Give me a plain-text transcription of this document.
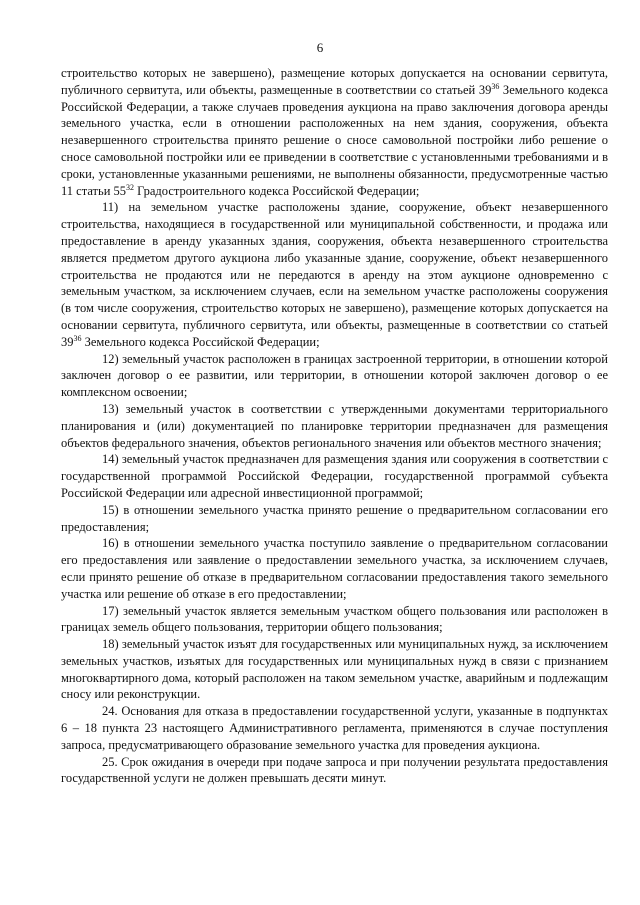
6

строительство которых не завершено), размещение которых допускается на основании сервитута, публичного сервитута, или объекты, размещенные в соответствии со статьей $39^{36}$ Земельного кодекса Российской Федерации, а также случаев проведения аукциона на право заключения договора аренды земельного участка, если в отношении расположенных на нем здания, сооружения, объекта незавершенного строительства принято решение о сносе самовольной постройки либо решение о сносе самовольной постройки или ее приведении в соответствие с установленными требованиями и в сроки, установленные указанными решениями, не выполнены обязанности, предусмотренные частью 11 статьи $55^{32}$ Градостроительного кодекса Российской Федерации;

11) на земельном участке расположены здание, сооружение, объект незавершенного строительства, находящиеся в государственной или муниципальной собственности, и продажа или предоставление в аренду указанных здания, сооружения, объекта незавершенного строительства является предметом другого аукциона либо указанные здание, сооружение, объект незавершенного строительства не продаются или не передаются в аренду на этом аукционе одновременно с земельным участком, за исключением случаев, если на земельном участке расположены сооружения (в том числе сооружения, строительство которых не завершено), размещение которых допускается на основании сервитута, публичного сервитута, или объекты, размещенные в соответствии со статьей $39^{36}$ Земельного кодекса Российской Федерации;

12) земельный участок расположен в границах застроенной территории, в отношении которой заключен договор о ее развитии, или территории, в отношении которой заключен договор о ее комплексном освоении;

13) земельный участок в соответствии с утвержденными документами территориального планирования и (или) документацией по планировке территории предназначен для размещения объектов федерального значения, объектов регионального значения или объектов местного значения;

14) земельный участок предназначен для размещения здания или сооружения в соответствии с государственной программой Российской Федерации, государственной программой субъекта Российской Федерации или адресной инвестиционной программой;

15) в отношении земельного участка принято решение о предварительном согласовании его предоставления;

16) в отношении земельного участка поступило заявление о предварительном согласовании его предоставления или заявление о предоставлении земельного участка, за исключением случаев, если принято решение об отказе в предварительном согласовании предоставления такого земельного участка или решение об отказе в его предоставлении;

17) земельный участок является земельным участком общего пользования или расположен в границах земель общего пользования, территории общего пользования;

18) земельный участок изъят для государственных или муниципальных нужд, за исключением земельных участков, изъятых для государственных или муниципальных нужд в связи с признанием многоквартирного дома, который расположен на таком земельном участке, аварийным и подлежащим сносу или реконструкции.

24. Основания для отказа в предоставлении государственной услуги, указанные в подпунктах 6 – 18 пункта 23 настоящего Административного регламента, применяются в случае поступления запроса, предусматривающего образование земельного участка для проведения аукциона.

25. Срок ожидания в очереди при подаче запроса и при получении результата предоставления государственной услуги не должен превышать десяти минут.
